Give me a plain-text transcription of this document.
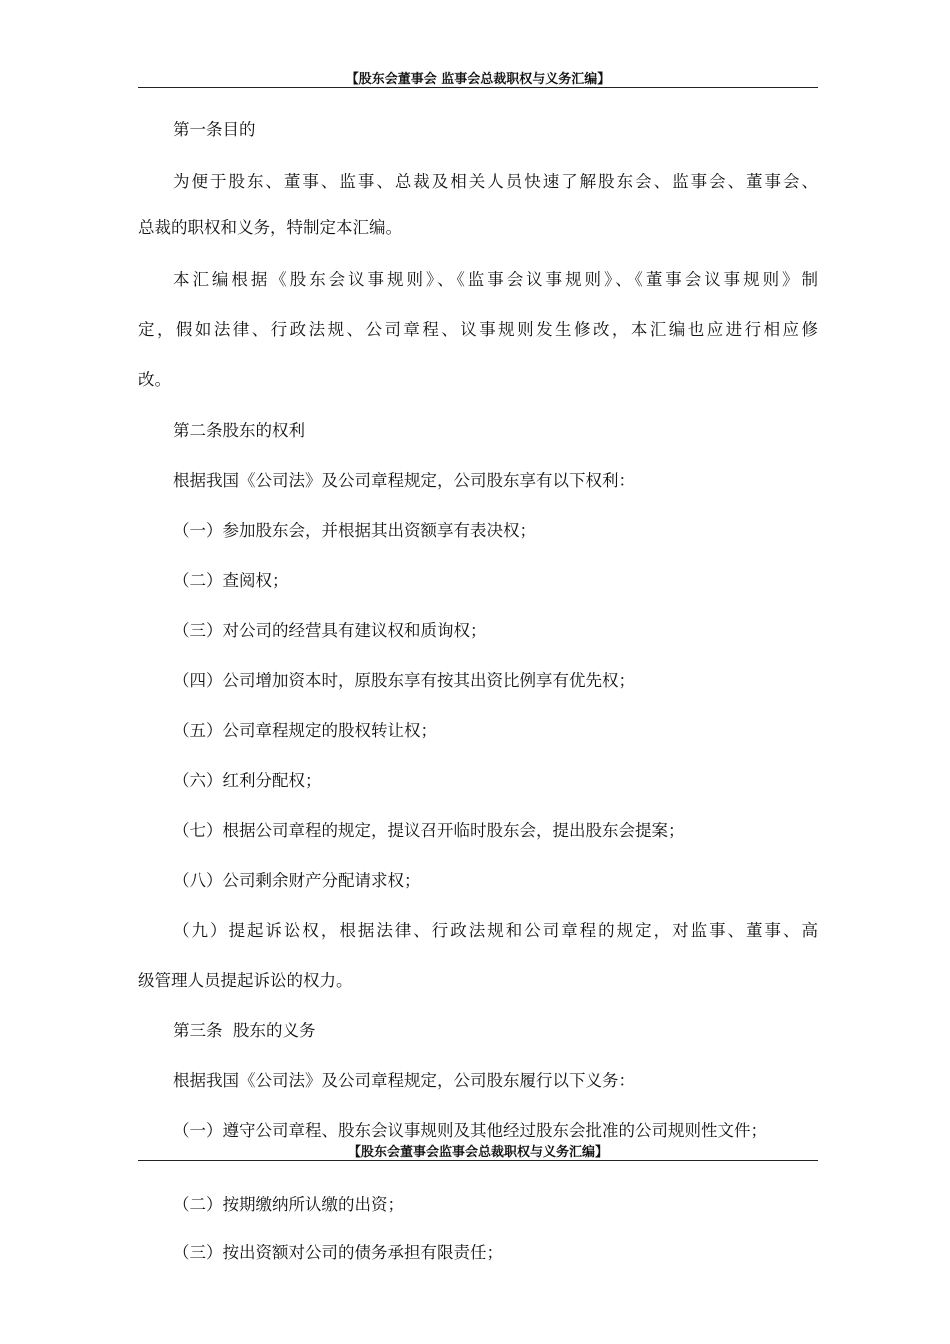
【股东会董事会 监事会总裁职权与义务汇编】
第一条目的
为便于股东、董事、监事、总裁及相关人员快速了解股东会、监事会、董事会、
总裁的职权和义务，特制定本汇编。
本汇编根据《股东会议事规则》、《监事会议事规则》、《董事会议事规则》制
定，假如法律、行政法规、公司章程、议事规则发生修改，本汇编也应进行相应修
改。
第二条股东的权利
根据我国《公司法》及公司章程规定，公司股东享有以下权利：
（一）参加股东会，并根据其出资额享有表决权；
（二）查阅权；
（三）对公司的经营具有建议权和质询权；
（四）公司增加资本时，原股东享有按其出资比例享有优先权；
（五）公司章程规定的股权转让权；
（六）红利分配权；
（七）根据公司章程的规定，提议召开临时股东会，提出股东会提案；
（八）公司剩余财产分配请求权；
（九）提起诉讼权，根据法律、行政法规和公司章程的规定，对监事、董事、高
级管理人员提起诉讼的权力。
第三条  股东的义务
根据我国《公司法》及公司章程规定，公司股东履行以下义务：
（一）遵守公司章程、股东会议事规则及其他经过股东会批准的公司规则性文件；
【股东会董事会监事会总裁职权与义务汇编】
（二）按期缴纳所认缴的出资；
（三）按出资额对公司的债务承担有限责任；
